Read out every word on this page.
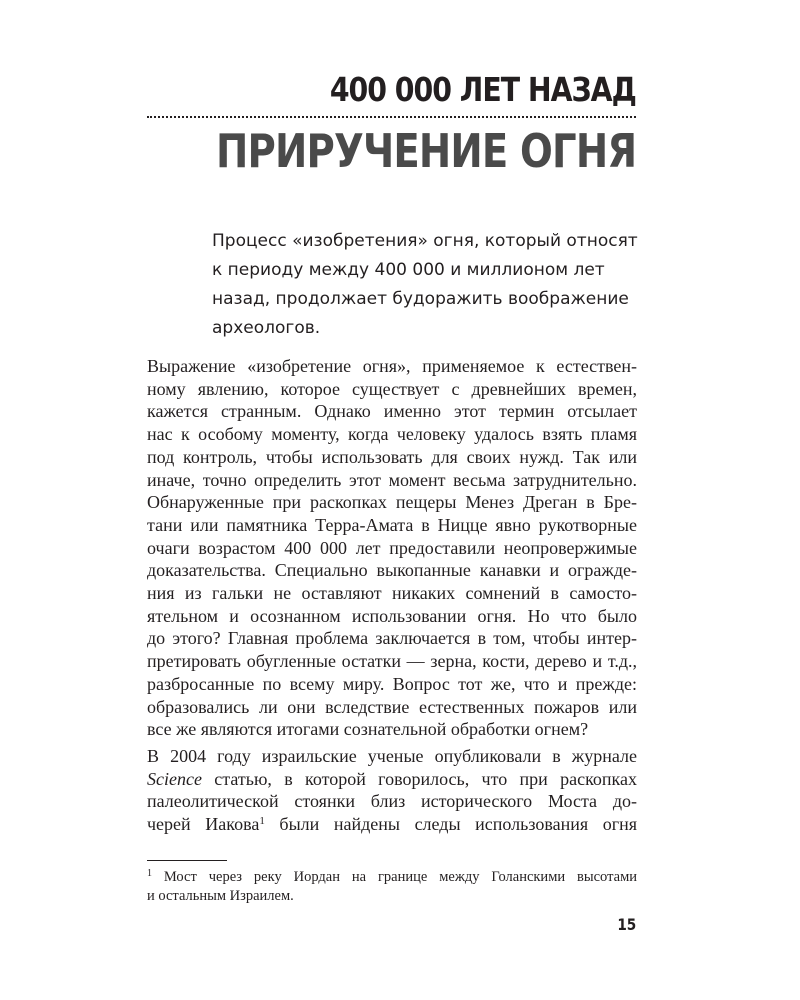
400 000 ЛЕТ НАЗАД
ПРИРУЧЕНИЕ ОГНЯ
Процесс «изобретения» огня, который относят
к периоду между 400 000 и миллионом лет
назад, продолжает будоражить воображение
археологов.
Выражение «изобретение огня», применяемое к естествен-
ному явлению, которое существует с древнейших времен,
кажется странным. Однако именно этот термин отсылает
нас к особому моменту, когда человеку удалось взять пламя
под контроль, чтобы использовать для своих нужд. Так или
иначе, точно определить этот момент весьма затруднительно.
Обнаруженные при раскопках пещеры Менез Дреган в Бре-
тани или памятника Терра-Амата в Ницце явно рукотворные
очаги возрастом 400 000 лет предоставили неопровержимые
доказательства. Специально выкопанные канавки и огражде-
ния из гальки не оставляют никаких сомнений в самосто-
ятельном и осознанном использовании огня. Но что было
до этого? Главная проблема заключается в том, чтобы интер-
претировать обугленные остатки — зерна, кости, дерево и т.д.,
разбросанные по всему миру. Вопрос тот же, что и прежде:
образовались ли они вследствие естественных пожаров или
все же являются итогами сознательной обработки огнем?
В 2004 году израильские ученые опубликовали в журнале
Science статью, в которой говорилось, что при раскопках
палеолитической стоянки близ исторического Моста до-
черей Иакова$^1$ были найдены следы использования огня
$^1$ Мост через реку Иордан на границе между Голанскими высотами
и остальным Израилем.
15
